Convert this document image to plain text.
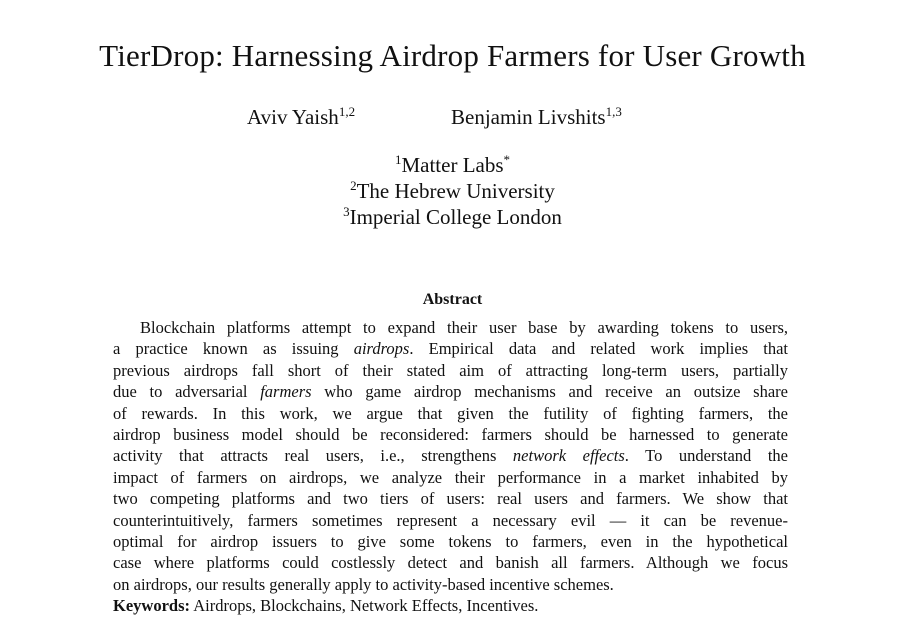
TierDrop: Harnessing Airdrop Farmers for User Growth
Aviv Yaish$^{1,2}$	Benjamin Livshits$^{1,3}$
$^1$Matter Labs*
$^2$The Hebrew University
$^3$Imperial College London
Abstract
Blockchain platforms attempt to expand their user base by awarding tokens to users,
a practice known as issuing airdrops. Empirical data and related work implies that
previous airdrops fall short of their stated aim of attracting long-term users, partially
due to adversarial farmers who game airdrop mechanisms and receive an outsize share
of rewards. In this work, we argue that given the futility of fighting farmers, the
airdrop business model should be reconsidered: farmers should be harnessed to generate
activity that attracts real users, i.e., strengthens network effects. To understand the
impact of farmers on airdrops, we analyze their performance in a market inhabited by
two competing platforms and two tiers of users: real users and farmers. We show that
counterintuitively, farmers sometimes represent a necessary evil — it can be revenue-
optimal for airdrop issuers to give some tokens to farmers, even in the hypothetical
case where platforms could costlessly detect and banish all farmers. Although we focus
on airdrops, our results generally apply to activity-based incentive schemes.
Keywords: Airdrops, Blockchains, Network Effects, Incentives.
